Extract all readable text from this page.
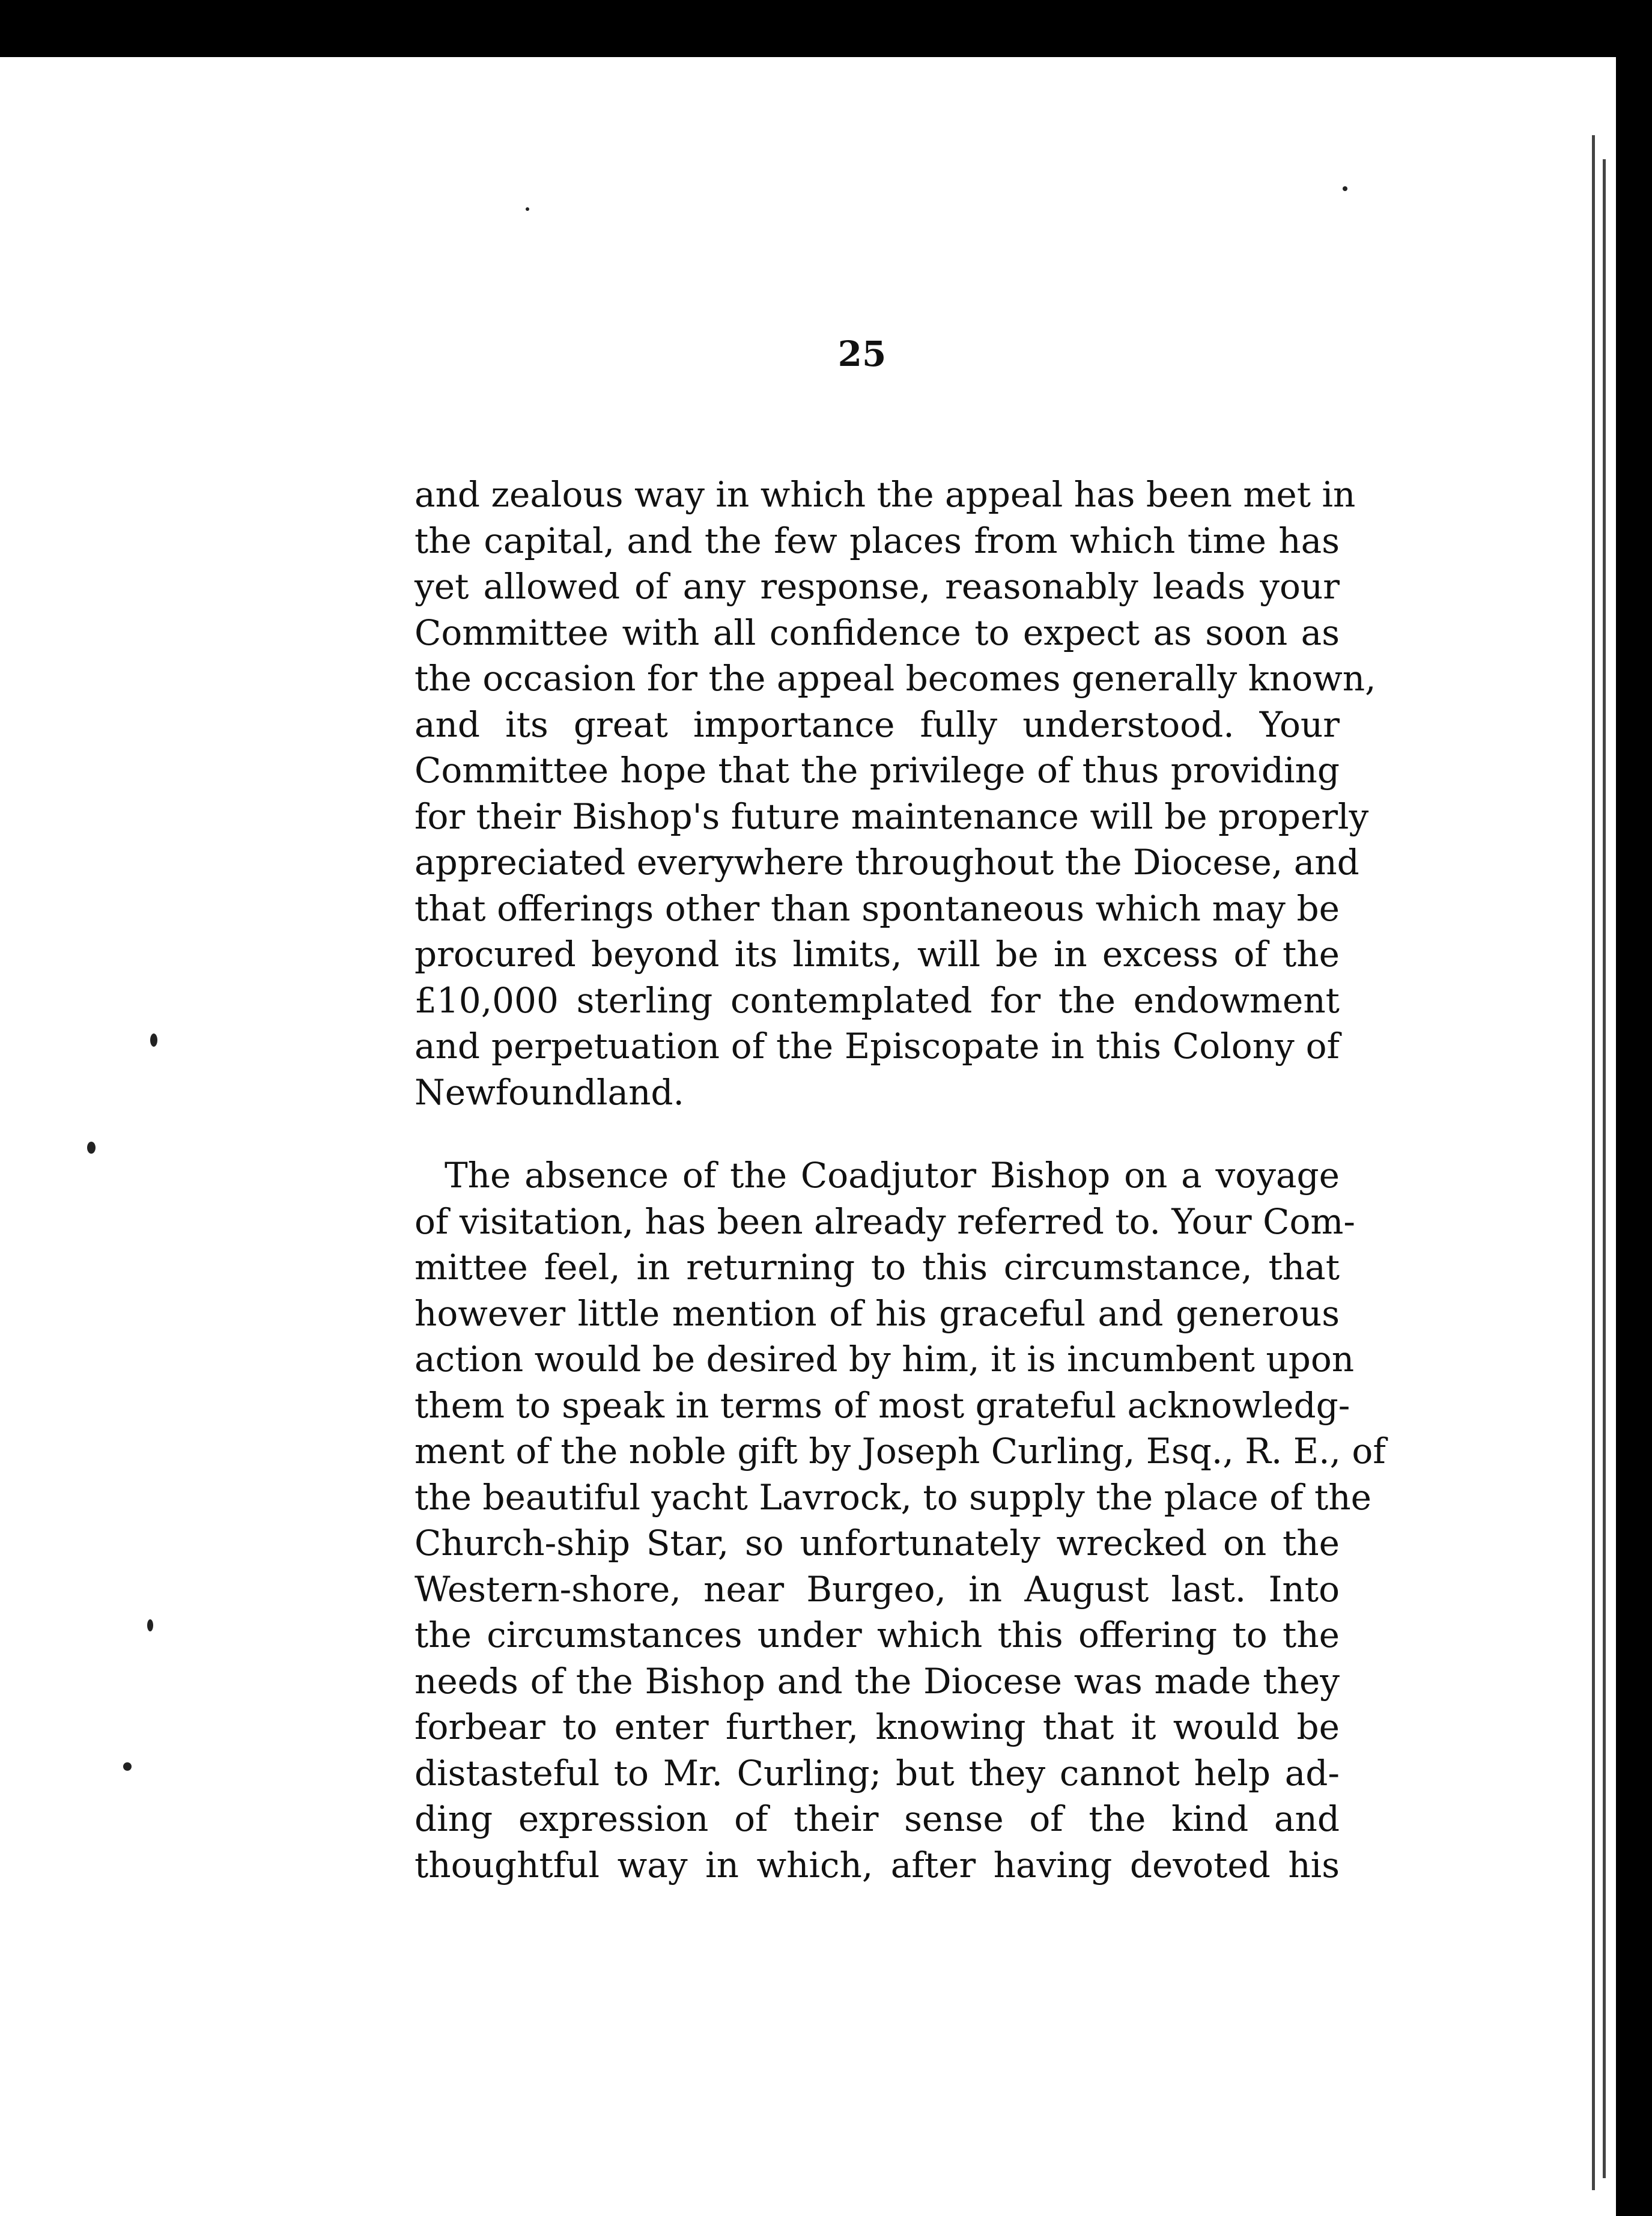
25
and zealous way in which the appeal has been met in
the capital, and the few places from which time has
yet allowed of any response, reasonably leads your
Committee with all confidence to expect as soon as
the occasion for the appeal becomes generally known,
and its great importance fully understood. Your
Committee hope that the privilege of thus providing
for their Bishop's future maintenance will be properly
appreciated everywhere throughout the Diocese, and
that offerings other than spontaneous which may be
procured beyond its limits, will be in excess of the
£10,000 sterling contemplated for the endowment
and perpetuation of the Episcopate in this Colony of
Newfoundland.
The absence of the Coadjutor Bishop on a voyage
of visitation, has been already referred to. Your Com-
mittee feel, in returning to this circumstance, that
however little mention of his graceful and generous
action would be desired by him, it is incumbent upon
them to speak in terms of most grateful acknowledg-
ment of the noble gift by Joseph Curling, Esq., R. E., of
the beautiful yacht Lavrock, to supply the place of the
Church-ship Star, so unfortunately wrecked on the
Western-shore, near Burgeo, in August last. Into
the circumstances under which this offering to the
needs of the Bishop and the Diocese was made they
forbear to enter further, knowing that it would be
distasteful to Mr. Curling; but they cannot help ad-
ding expression of their sense of the kind and
thoughtful way in which, after having devoted his
